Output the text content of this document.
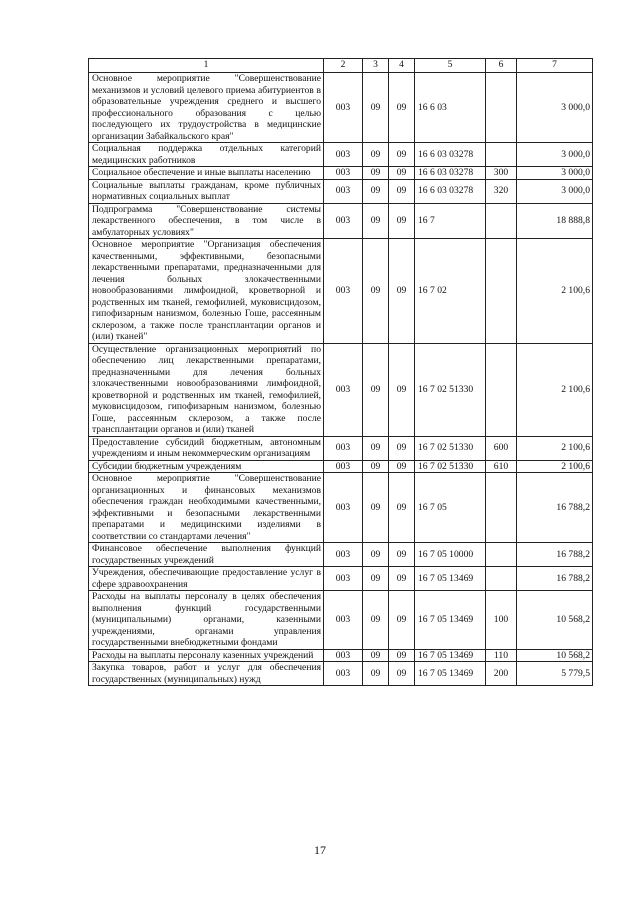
1	2	3	4	5	6	7
Основное мероприятие "Совершенствование механизмов и условий целевого приема абитуриентов в образовательные учреждения среднего и высшего профессионального образования с целью последующего их трудоустройства в медицинские организации Забайкальского края"	003	09	09	16 6 03		3 000,0
Социальная поддержка отдельных категорий медицинских работников	003	09	09	16 6 03 03278		3 000,0
Социальное обеспечение и иные выплаты населению	003	09	09	16 6 03 03278	300	3 000,0
Социальные выплаты гражданам, кроме публичных нормативных социальных выплат	003	09	09	16 6 03 03278	320	3 000,0
Подпрограмма "Совершенствование системы лекарственного обеспечения, в том числе в амбулаторных условиях"	003	09	09	16 7		18 888,8
Основное мероприятие "Организация обеспечения качественными, эффективными, безопасными лекарственными препаратами, предназначенными для лечения больных злокачественными новообразованиями лимфоидной, кроветворной и родственных им тканей, гемофилией, муковисцидозом, гипофизарным нанизмом, болезнью Гоше, рассеянным склерозом, а также после трансплантации органов и (или) тканей"	003	09	09	16 7 02		2 100,6
Осуществление организационных мероприятий по обеспечению лиц лекарственными препаратами, предназначенными для лечения больных злокачественными новообразованиями лимфоидной, кроветворной и родственных им тканей, гемофилией, муковисцидозом, гипофизарным нанизмом, болезнью Гоше, рассеянным склерозом, а также после трансплантации органов и (или) тканей	003	09	09	16 7 02 51330		2 100,6
Предоставление субсидий бюджетным, автономным учреждениям и иным некоммерческим организациям	003	09	09	16 7 02 51330	600	2 100,6
Субсидии бюджетным учреждениям	003	09	09	16 7 02 51330	610	2 100,6
Основное мероприятие "Совершенствование организационных и финансовых механизмов обеспечения граждан необходимыми качественными, эффективными и безопасными лекарственными препаратами и медицинскими изделиями в соответствии со стандартами лечения"	003	09	09	16 7 05		16 788,2
Финансовое обеспечение выполнения функций государственных учреждений	003	09	09	16 7 05 10000		16 788,2
Учреждения, обеспечивающие предоставление услуг в сфере здравоохранения	003	09	09	16 7 05 13469		16 788,2
Расходы на выплаты персоналу в целях обеспечения выполнения функций государственными (муниципальными) органами, казенными учреждениями, органами управления государственными внебюджетными фондами	003	09	09	16 7 05 13469	100	10 568,2
Расходы на выплаты персоналу казенных учреждений	003	09	09	16 7 05 13469	110	10 568,2
Закупка товаров, работ и услуг для обеспечения государственных (муниципальных) нужд	003	09	09	16 7 05 13469	200	5 779,5
17
